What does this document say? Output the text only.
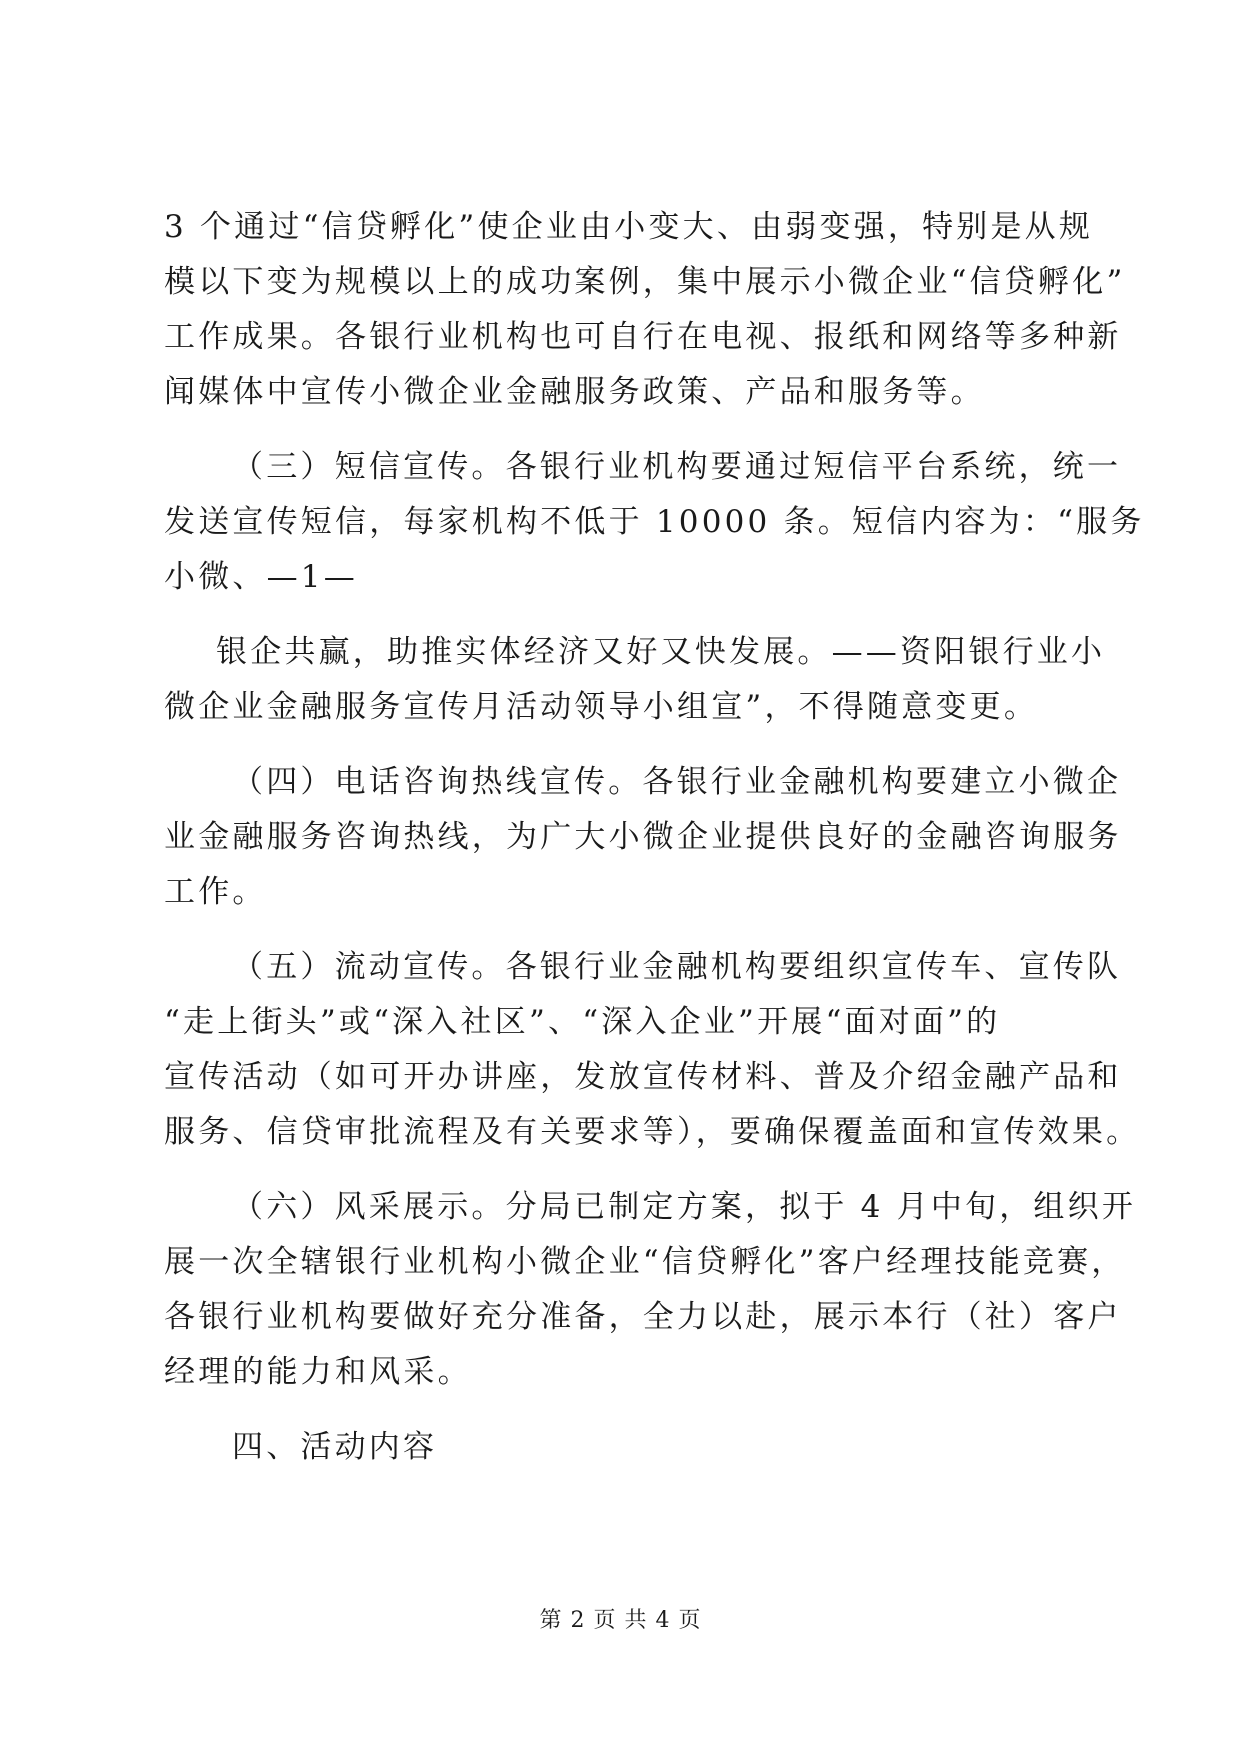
3 个通过“信贷孵化”使企业由小变大、由弱变强，特别是从规
模以下变为规模以上的成功案例，集中展示小微企业“信贷孵化”
工作成果。各银行业机构也可自行在电视、报纸和网络等多种新
闻媒体中宣传小微企业金融服务政策、产品和服务等。
（三）短信宣传。各银行业机构要通过短信平台系统，统一
发送宣传短信，每家机构不低于 10000 条。短信内容为：“服务
小微、—1—
银企共赢，助推实体经济又好又快发展。——资阳银行业小
微企业金融服务宣传月活动领导小组宣”，不得随意变更。
（四）电话咨询热线宣传。各银行业金融机构要建立小微企
业金融服务咨询热线，为广大小微企业提供良好的金融咨询服务
工作。
（五）流动宣传。各银行业金融机构要组织宣传车、宣传队
“走上街头”或“深入社区”、“深入企业”开展“面对面”的
宣传活动（如可开办讲座，发放宣传材料、普及介绍金融产品和
服务、信贷审批流程及有关要求等），要确保覆盖面和宣传效果。
（六）风采展示。分局已制定方案，拟于 4 月中旬，组织开
展一次全辖银行业机构小微企业“信贷孵化”客户经理技能竞赛，
各银行业机构要做好充分准备，全力以赴，展示本行（社）客户
经理的能力和风采。
四、活动内容
第 2 页 共 4 页
